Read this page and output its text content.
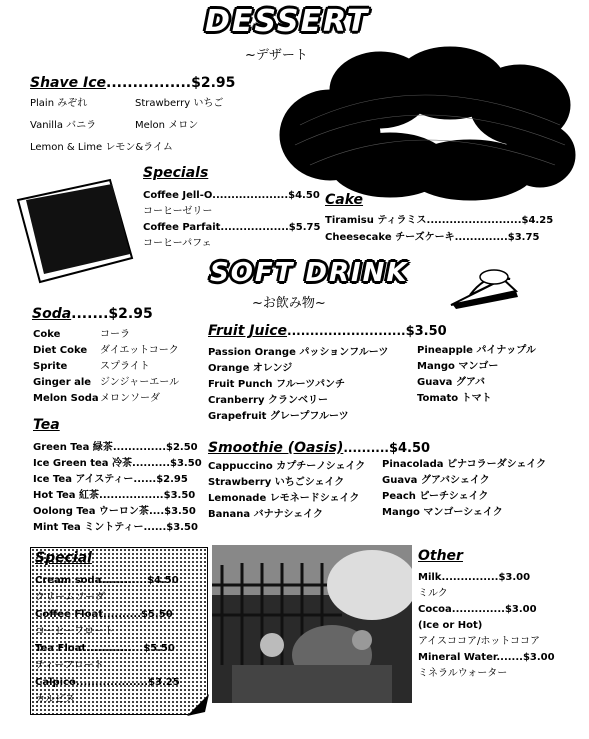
DESSERT
~デザート
Shave Ice................$2.95
Plain みぞれ
Vanilla バニラ
Lemon & Lime レモン&ライム
Strawberry いちご
Melon メロン
Specials
Coffee Jell-O....................$4.50
コーヒーゼリー
Coffee Parfait..................$5.75
コーヒーパフェ
Cake
Tiramisu ティラミス.........................$4.25
Cheesecake チーズケーキ..............$3.75
SOFT DRINK
~お飲み物~
Soda.......$2.95
Coke	コーラ
Diet Coke ダイエットコーク
Sprite	スプライト
Ginger ale ジンジャーエール
Melon Sodaメロンソーダ
Tea
Green Tea 緑茶..............$2.50
Ice Green tea 冷茶..........$3.50
Ice Tea アイスティー......$2.95
Hot Tea 紅茶.................$3.50
Oolong Tea ウーロン茶....$3.50
Mint Tea ミントティー......$3.50
Fruit Juice..........................$3.50
Passion Orange パッションフルーツ
Orange オレンジ
Fruit Punch フルーツパンチ
Cranberry クランベリー
Grapefruit グレープフルーツ
Pineapple パイナップル
Mango マンゴー
Guava グアバ
Tomato トマト
Smoothie (Oasis)..........$4.50
Cappuccino カプチーノシェイク
Strawberry いちごシェイク
Lemonade レモネードシェイク
Banana バナナシェイク
Pinacolada ピナコラーダシェイク
Guava グアバシェイク
Peach ピーチシェイク
Mango マンゴーシェイク
Special
Cream soda............$4.50
クリームソーダ
Coffee Float..........$5.50
コーヒーフロート
Tea Float...............$5.50
ティーフロート
Calpico...................$3.25
カルピス
Other
Milk...............$3.00
ミルク
Cocoa..............$3.00
(Ice or Hot)
アイスココア/ホットココア
Mineral Water.......$3.00
ミネラルウォーター
